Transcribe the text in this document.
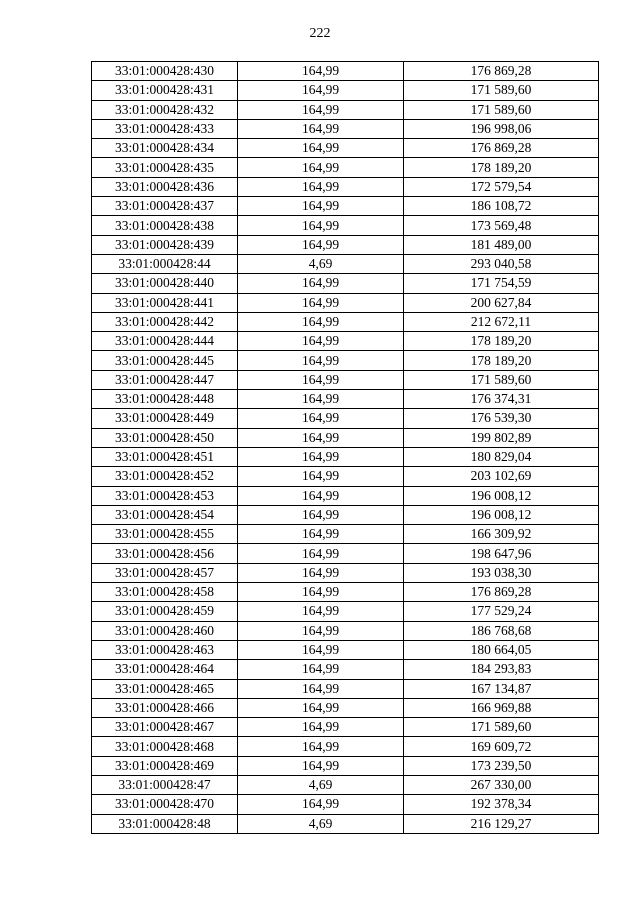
222
33:01:000428:430	164,99	176 869,28
33:01:000428:431	164,99	171 589,60
33:01:000428:432	164,99	171 589,60
33:01:000428:433	164,99	196 998,06
33:01:000428:434	164,99	176 869,28
33:01:000428:435	164,99	178 189,20
33:01:000428:436	164,99	172 579,54
33:01:000428:437	164,99	186 108,72
33:01:000428:438	164,99	173 569,48
33:01:000428:439	164,99	181 489,00
33:01:000428:44	4,69	293 040,58
33:01:000428:440	164,99	171 754,59
33:01:000428:441	164,99	200 627,84
33:01:000428:442	164,99	212 672,11
33:01:000428:444	164,99	178 189,20
33:01:000428:445	164,99	178 189,20
33:01:000428:447	164,99	171 589,60
33:01:000428:448	164,99	176 374,31
33:01:000428:449	164,99	176 539,30
33:01:000428:450	164,99	199 802,89
33:01:000428:451	164,99	180 829,04
33:01:000428:452	164,99	203 102,69
33:01:000428:453	164,99	196 008,12
33:01:000428:454	164,99	196 008,12
33:01:000428:455	164,99	166 309,92
33:01:000428:456	164,99	198 647,96
33:01:000428:457	164,99	193 038,30
33:01:000428:458	164,99	176 869,28
33:01:000428:459	164,99	177 529,24
33:01:000428:460	164,99	186 768,68
33:01:000428:463	164,99	180 664,05
33:01:000428:464	164,99	184 293,83
33:01:000428:465	164,99	167 134,87
33:01:000428:466	164,99	166 969,88
33:01:000428:467	164,99	171 589,60
33:01:000428:468	164,99	169 609,72
33:01:000428:469	164,99	173 239,50
33:01:000428:47	4,69	267 330,00
33:01:000428:470	164,99	192 378,34
33:01:000428:48	4,69	216 129,27
